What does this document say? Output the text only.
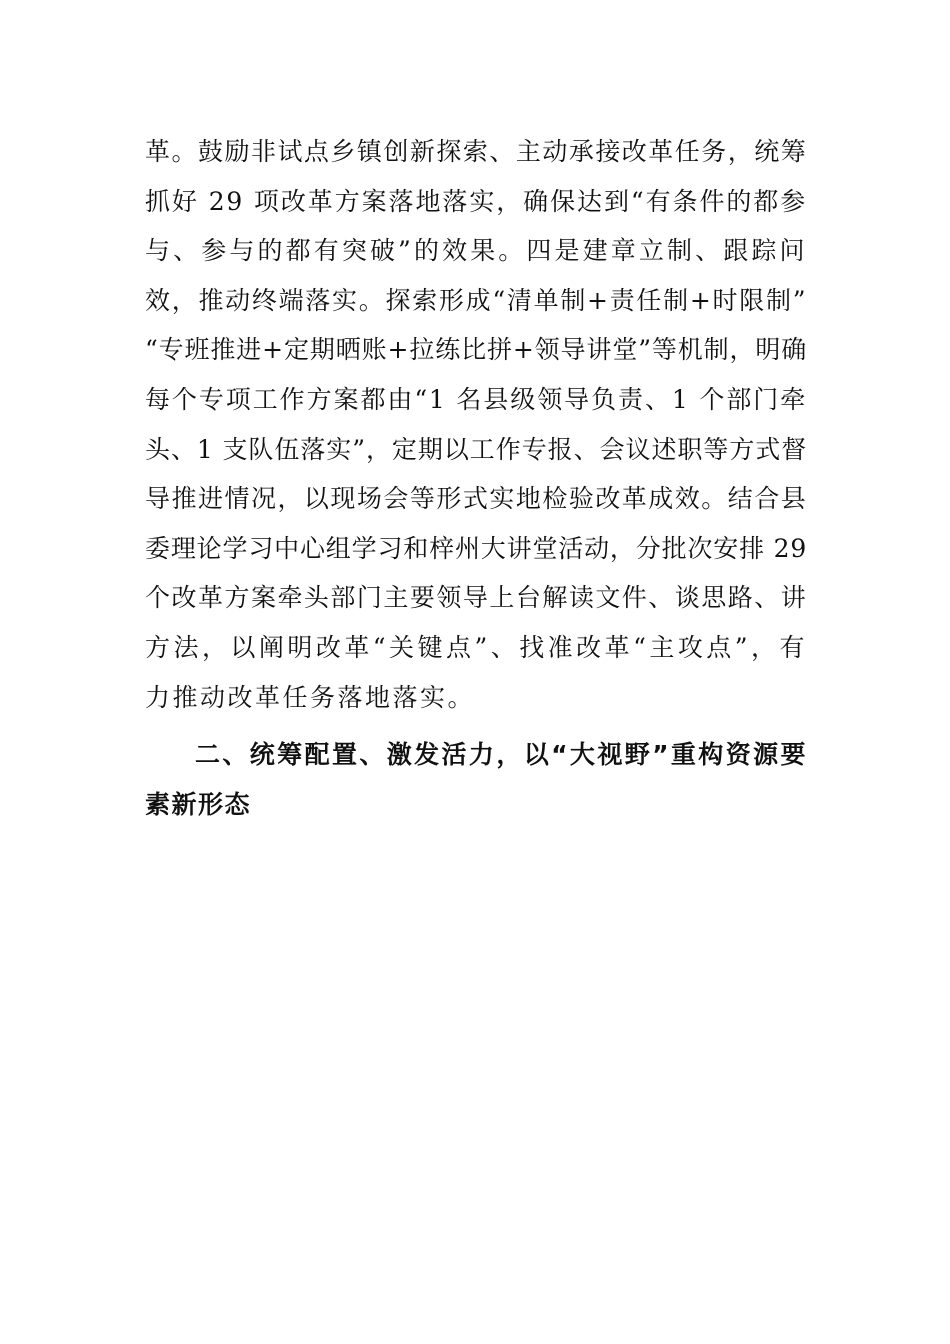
革。鼓励非试点乡镇创新探索、主动承接改革任务，统筹
抓好 29 项改革方案落地落实，确保达到“有条件的都参
与、参与的都有突破”的效果。四是建章立制、跟踪问
效，推动终端落实。探索形成“清单制+责任制+时限制”
“专班推进+定期晒账+拉练比拼+领导讲堂”等机制，明确
每个专项工作方案都由“1 名县级领导负责、1 个部门牵
头、1 支队伍落实”，定期以工作专报、会议述职等方式督
导推进情况，以现场会等形式实地检验改革成效。结合县
委理论学习中心组学习和梓州大讲堂活动，分批次安排 29
个改革方案牵头部门主要领导上台解读文件、谈思路、讲
方法，以阐明改革“关键点”、找准改革“主攻点”，有
力推动改革任务落地落实。
二、统筹配置、激发活力，以“大视野”重构资源要
素新形态
